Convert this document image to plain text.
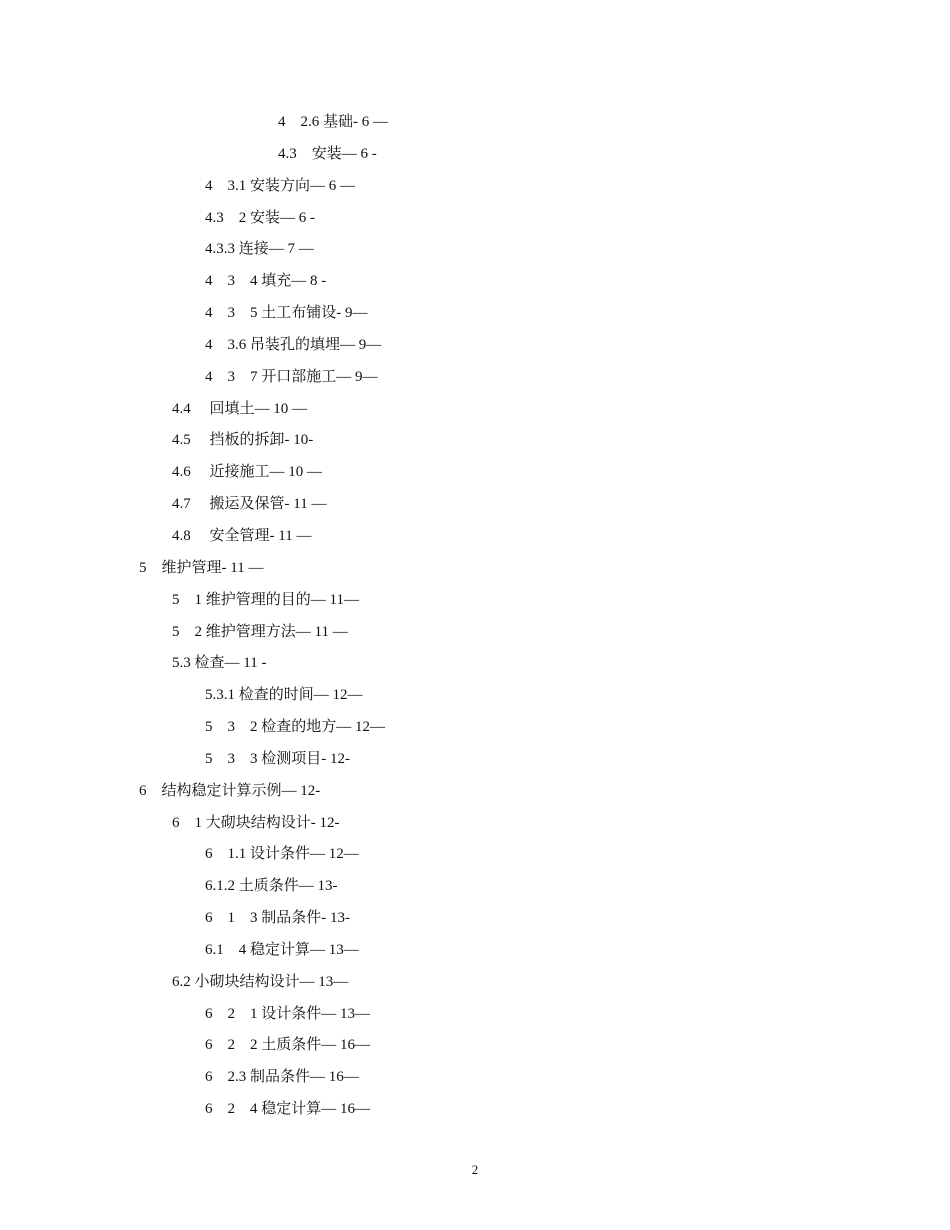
4　2.6 基础- 6 —
4.3　安装— 6 -
4　3.1 安装方向— 6 —
4.3　2 安装— 6 -
4.3.3 连接— 7 —
4　3　4 填充— 8 -
4　3　5 土工布铺设- 9—
4　3.6 吊装孔的填埋— 9—
4　3　7 开口部施工— 9—
4.4　 回填土— 10 —
4.5　 挡板的拆卸- 10-
4.6　 近接施工— 10 —
4.7　 搬运及保管- 11 —
4.8　 安全管理- 11 —
5　维护管理- 11 —
5　1 维护管理的目的— 11—
5　2 维护管理方法— 11 —
5.3 检查— 11 -
5.3.1 检查的时间— 12—
5　3　2 检查的地方— 12—
5　3　3 检测项目- 12-
6　结构稳定计算示例— 12-
6　1 大砌块结构设计- 12-
6　1.1 设计条件— 12—
6.1.2 土质条件— 13-
6　1　3 制品条件- 13-
6.1　4 稳定计算— 13—
6.2 小砌块结构设计— 13—
6　2　1 设计条件— 13—
6　2　2 土质条件— 16—
6　2.3 制品条件— 16—
6　2　4 稳定计算— 16—
2
